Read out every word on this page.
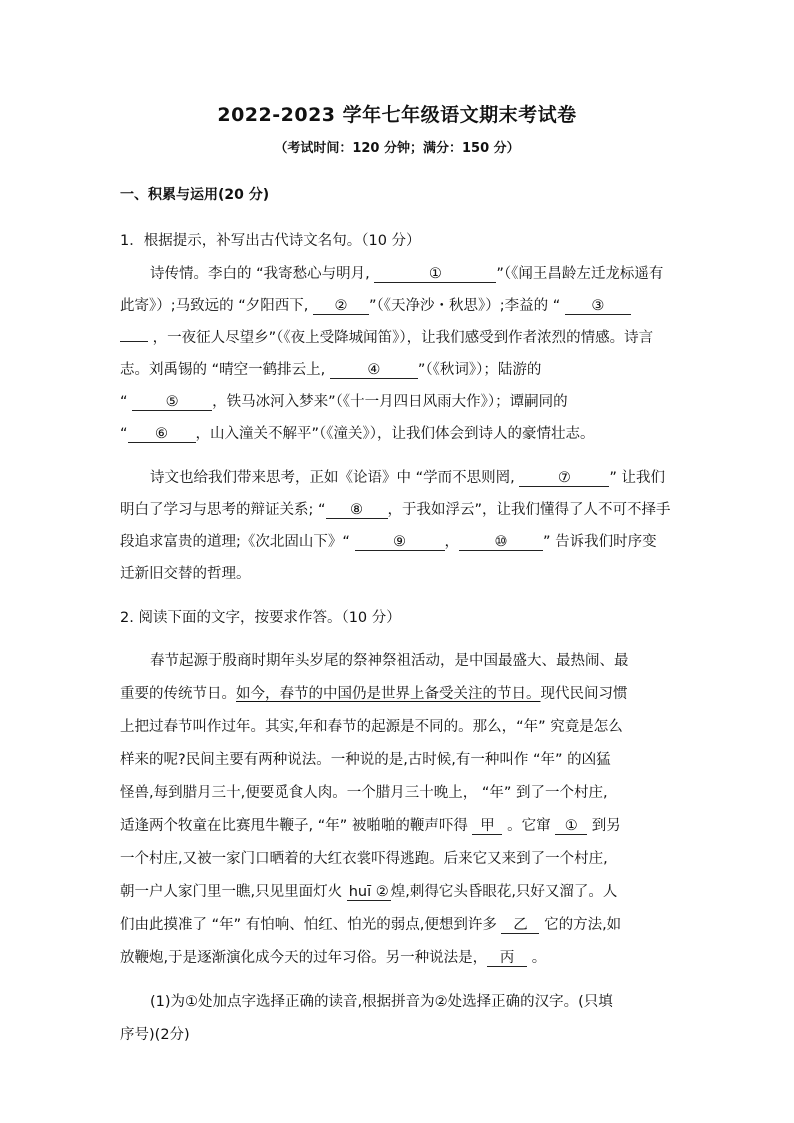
2022-2023 学年七年级语文期末考试卷
（考试时间：120 分钟；满分：150 分）
一、积累与运用(20 分)
1．根据提示，补写出古代诗文名句。（10 分）
诗传情。李白的 “我寄愁心与明月,	①	”（《闻王昌龄左迁龙标遥有
此寄》）;马致远的 “夕阳西下, ② ”（《天净沙・秋思》）;李益的 “ ③
，一夜征人尽望乡”（《夜上受降城闻笛》），让我们感受到作者浓烈的情感。诗言
志。刘禹锡的 “晴空一鹤排云上,	④	”（《秋词》）；陆游的
“ ⑤ ，铁马冰河入梦来”（《十一月四日风雨大作》）；谭嗣同的
“ ⑥ ，山入潼关不解平”（《潼关》），让我们体会到诗人的豪情壮志。
诗文也给我们带来思考，正如《论语》中 “学而不思则罔,	⑦	” 让我们
明白了学习与思考的辩证关系; “ ⑧ ，于我如浮云”，让我们懂得了人不可不择手
段追求富贵的道理;《次北固山下》“	⑨	， ⑩ ” 告诉我们时序变
迁新旧交替的哲理。
2. 阅读下面的文字，按要求作答。（10 分）
春节起源于殷商时期年头岁尾的祭神祭祖活动，是中国最盛大、最热闹、最
重要的传统节日。如今，春节的中国仍是世界上备受关注的节日。现代民间习惯
上把过春节叫作过年。其实,年和春节的起源是不同的。那么，“年” 究竟是怎么
样来的呢?民间主要有两种说法。一种说的是,古时候,有一种叫作 “年” 的凶猛
怪兽,每到腊月三十,便要觅食人肉。一个腊月三十晚上， “年” 到了一个村庄,
适逢两个牧童在比赛甩牛鞭子, “年” 被啪啪的鞭声吓得 甲 。它窜 ① 到另
一个村庄,又被一家门口晒着的大红衣裳吓得逃跑。后来它又来到了一个村庄,
朝一户人家门里一瞧,只见里面灯火 huī ② 煌,刺得它头昏眼花,只好又溜了。人
们由此摸准了 “年” 有怕响、怕红、怕光的弱点,便想到许多 乙 它的方法,如
放鞭炮,于是逐渐演化成今天的过年习俗。另一种说法是， 丙 。
(1)为①处加点字选择正确的读音,根据拼音为②处选择正确的汉字。(只填
序号)(2分)
